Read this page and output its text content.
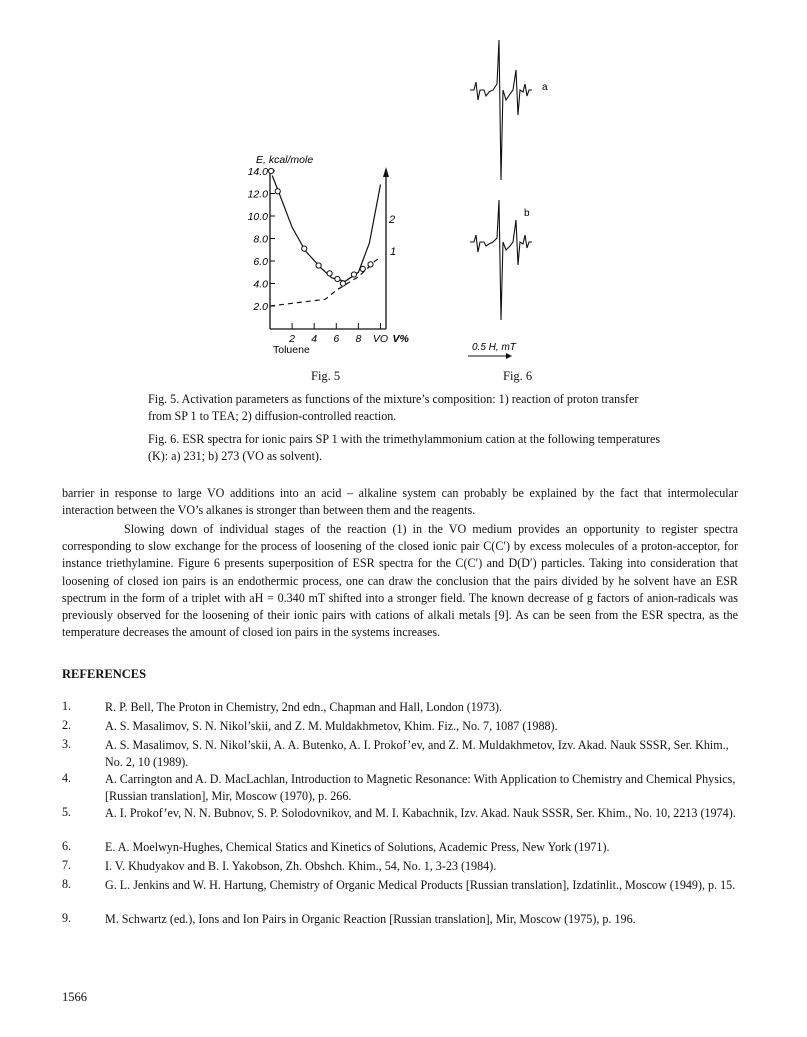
E, kcal/mole
14.0
12.0
10.0
8.0
6.0
4.0
2.0
2 4 6 8 VO V%
Toluene
2
1
Fig. 5
a
b
0.5 H, mT
Fig. 6

Fig. 5. Activation parameters as functions of the mixture’s composition: 1) reaction of proton transfer from SP 1 to TEA; 2) diffusion-controlled reaction.

Fig. 6. ESR spectra for ionic pairs SP 1 with the trimethylammonium cation at the following temperatures (K): a) 231; b) 273 (VO as solvent).

barrier in response to large VO additions into an acid – alkaline system can probably be explained by the fact that intermolecular interaction between the VO’s alkanes is stronger than between them and the reagents.

Slowing down of individual stages of the reaction (1) in the VO medium provides an opportunity to register spectra corresponding to slow exchange for the process of loosening of the closed ionic pair C(C′) by excess molecules of a proton-acceptor, for instance triethylamine. Figure 6 presents superposition of ESR spectra for the C(C′) and D(D′) particles. Taking into consideration that loosening of closed ion pairs is an endothermic process, one can draw the conclusion that the pairs divided by he solvent have an ESR spectrum in the form of a triplet with aH = 0.340 mT shifted into a stronger field. The known decrease of g factors of anion-radicals was previously observed for the loosening of their ionic pairs with cations of alkali metals [9]. As can be seen from the ESR spectra, as the temperature decreases the amount of closed ion pairs in the systems increases.

REFERENCES
1.	R. P. Bell, The Proton in Chemistry, 2nd edn., Chapman and Hall, London (1973).

2.	A. S. Masalimov, S. N. Nikol’skii, and Z. M. Muldakhmetov, Khim. Fiz., No. 7, 1087 (1988).

3.	A. S. Masalimov, S. N. Nikol’skii, A. A. Butenko, A. I. Prokof’ev, and Z. M. Muldakhmetov, Izv. Akad. Nauk SSSR, Ser. Khim., No. 2, 10 (1989).

4.	A. Carrington and A. D. MacLachlan, Introduction to Magnetic Resonance: With Application to Chemistry and Chemical Physics, [Russian translation], Mir, Moscow (1970), p. 266.

5.	A. I. Prokof’ev, N. N. Bubnov, S. P. Solodovnikov, and M. I. Kabachnik, Izv. Akad. Nauk SSSR, Ser. Khim., No. 10, 2213 (1974).

6.	E. A. Moelwyn-Hughes, Chemical Statics and Kinetics of Solutions, Academic Press, New York (1971).

7.	I. V. Khudyakov and B. I. Yakobson, Zh. Obshch. Khim., 54, No. 1, 3-23 (1984).

8.	G. L. Jenkins and W. H. Hartung, Chemistry of Organic Medical Products [Russian translation], Izdatinlit., Moscow (1949), p. 15.

9.	M. Schwartz (ed.), Ions and Ion Pairs in Organic Reaction [Russian translation], Mir, Moscow (1975), p. 196.

1566
